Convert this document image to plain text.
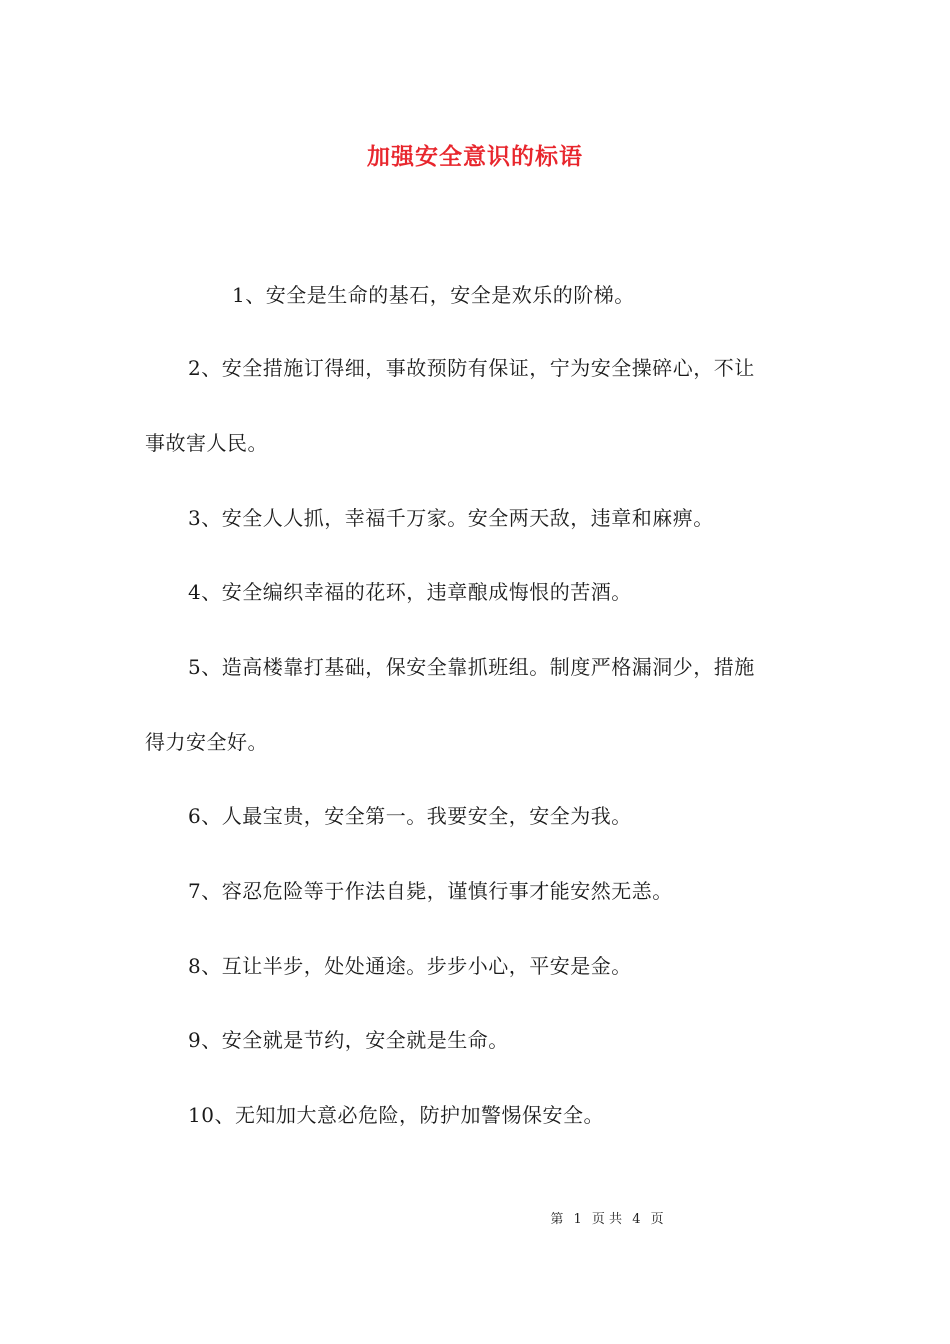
加强安全意识的标语
1、安全是生命的基石，安全是欢乐的阶梯。
2、安全措施订得细，事故预防有保证，宁为安全操碎心，不让
事故害人民。
3、安全人人抓，幸福千万家。安全两天敌，违章和麻痹。
4、安全编织幸福的花环，违章酿成悔恨的苦酒。
5、造高楼靠打基础，保安全靠抓班组。制度严格漏洞少，措施
得力安全好。
6、人最宝贵，安全第一。我要安全，安全为我。
7、容忍危险等于作法自毙，谨慎行事才能安然无恙。
8、互让半步，处处通途。步步小心，平安是金。
9、安全就是节约，安全就是生命。
10、无知加大意必危险，防护加警惕保安全。
第 1 页 共 4 页
